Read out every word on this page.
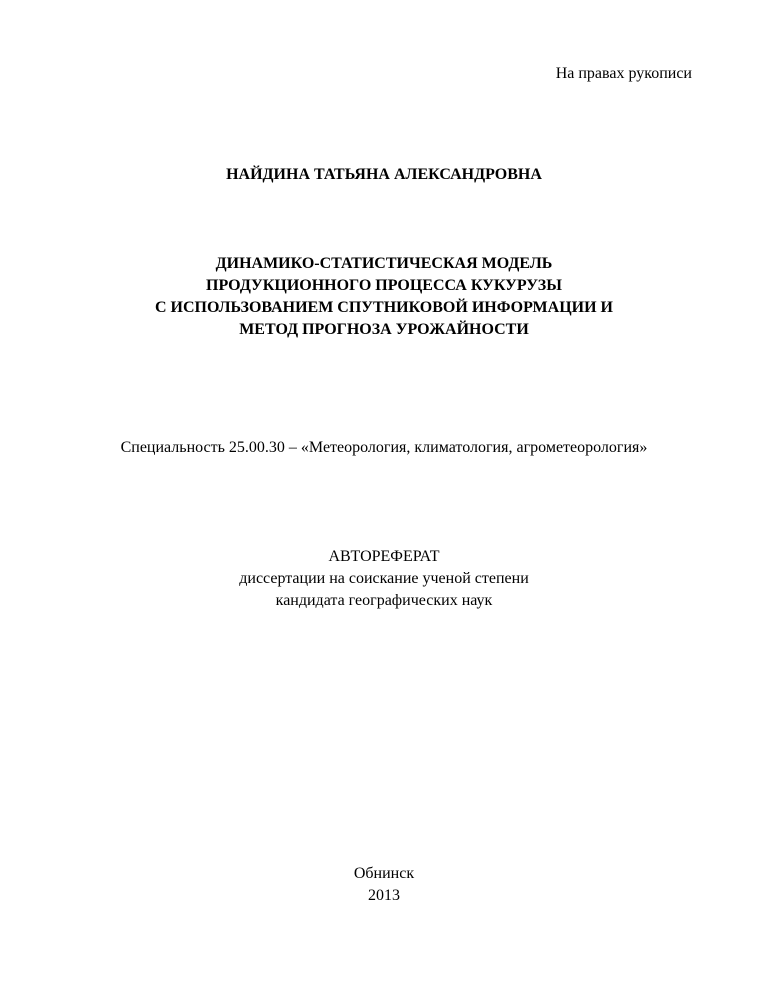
На правах рукописи
НАЙДИНА ТАТЬЯНА АЛЕКСАНДРОВНА
ДИНАМИКО-СТАТИСТИЧЕСКАЯ МОДЕЛЬ
ПРОДУКЦИОННОГО ПРОЦЕССА КУКУРУЗЫ
С ИСПОЛЬЗОВАНИЕМ СПУТНИКОВОЙ ИНФОРМАЦИИ И
МЕТОД ПРОГНОЗА УРОЖАЙНОСТИ
Специальность 25.00.30 – «Метеорология, климатология, агрометеорология»
АВТОРЕФЕРАТ
диссертации на соискание ученой степени
кандидата географических наук
Обнинск
2013
